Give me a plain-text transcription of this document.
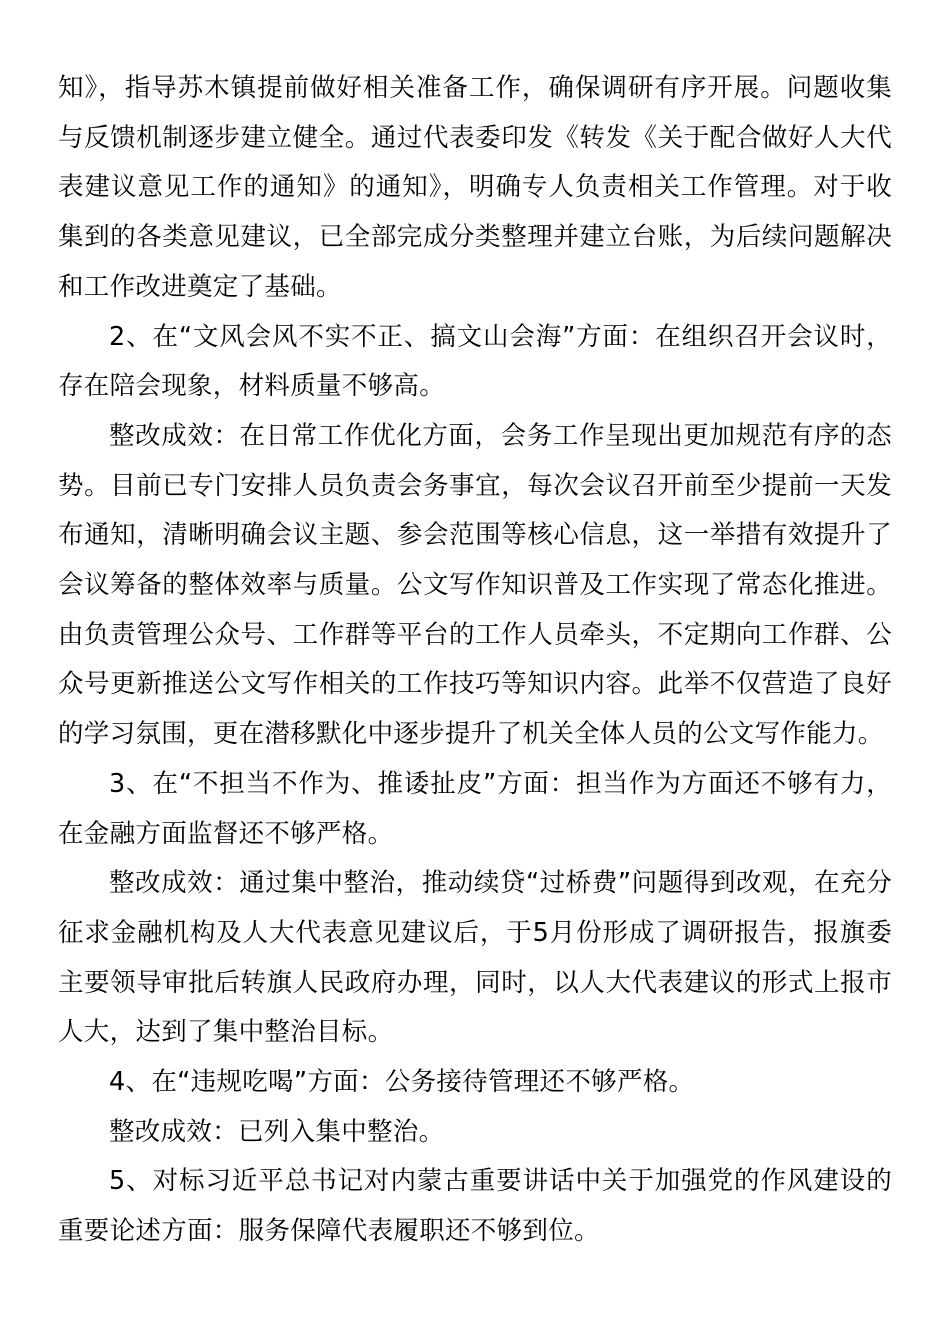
知》，指导苏木镇提前做好相关准备工作，确保调研有序开展。问题收集与反馈机制逐步建立健全。通过代表委印发《转发《关于配合做好人大代表建议意见工作的通知》的通知》，明确专人负责相关工作管理。对于收集到的各类意见建议，已全部完成分类整理并建立台账，为后续问题解决和工作改进奠定了基础。

2、在“文风会风不实不正、搞文山会海”方面：在组织召开会议时，存在陪会现象，材料质量不够高。

整改成效：在日常工作优化方面，会务工作呈现出更加规范有序的态势。目前已专门安排人员负责会务事宜，每次会议召开前至少提前一天发布通知，清晰明确会议主题、参会范围等核心信息，这一举措有效提升了会议筹备的整体效率与质量。公文写作知识普及工作实现了常态化推进。由负责管理公众号、工作群等平台的工作人员牵头，不定期向工作群、公众号更新推送公文写作相关的工作技巧等知识内容。此举不仅营造了良好的学习氛围，更在潜移默化中逐步提升了机关全体人员的公文写作能力。

3、在“不担当不作为、推诿扯皮”方面：担当作为方面还不够有力，在金融方面监督还不够严格。

整改成效：通过集中整治，推动续贷“过桥费”问题得到改观，在充分征求金融机构及人大代表意见建议后，于5月份形成了调研报告，报旗委主要领导审批后转旗人民政府办理，同时，以人大代表建议的形式上报市人大，达到了集中整治目标。

4、在“违规吃喝”方面：公务接待管理还不够严格。

整改成效：已列入集中整治。

5、对标习近平总书记对内蒙古重要讲话中关于加强党的作风建设的重要论述方面：服务保障代表履职还不够到位。
